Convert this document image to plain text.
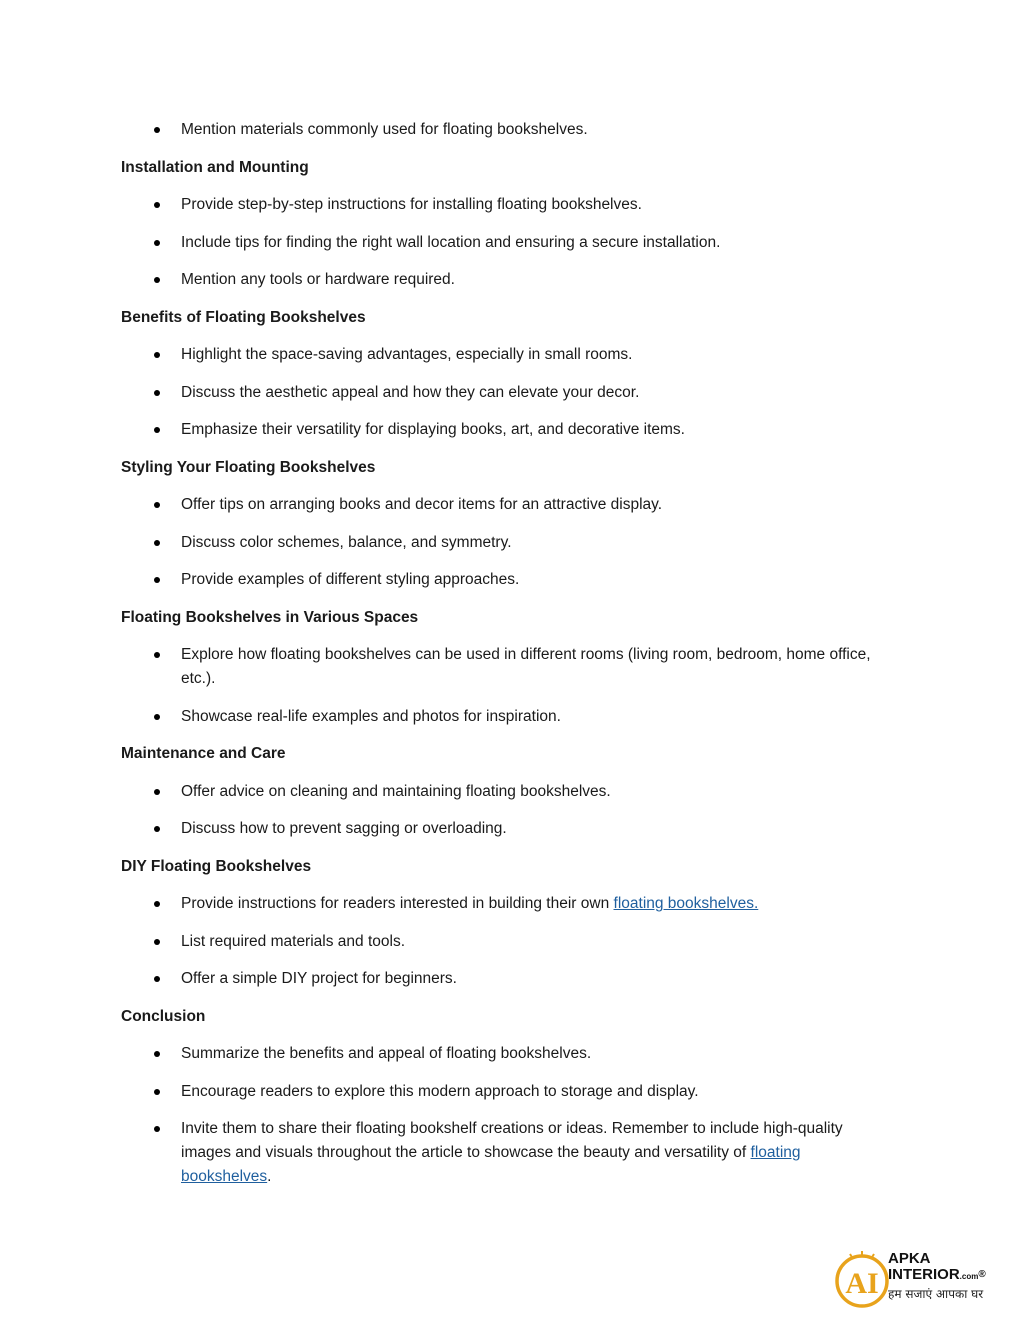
Mention materials commonly used for floating bookshelves.
Installation and Mounting
Provide step-by-step instructions for installing floating bookshelves.
Include tips for finding the right wall location and ensuring a secure installation.
Mention any tools or hardware required.
Benefits of Floating Bookshelves
Highlight the space-saving advantages, especially in small rooms.
Discuss the aesthetic appeal and how they can elevate your decor.
Emphasize their versatility for displaying books, art, and decorative items.
Styling Your Floating Bookshelves
Offer tips on arranging books and decor items for an attractive display.
Discuss color schemes, balance, and symmetry.
Provide examples of different styling approaches.
Floating Bookshelves in Various Spaces
Explore how floating bookshelves can be used in different rooms (living room, bedroom, home office, etc.).
Showcase real-life examples and photos for inspiration.
Maintenance and Care
Offer advice on cleaning and maintaining floating bookshelves.
Discuss how to prevent sagging or overloading.
DIY Floating Bookshelves
Provide instructions for readers interested in building their own floating bookshelves.
List required materials and tools.
Offer a simple DIY project for beginners.
Conclusion
Summarize the benefits and appeal of floating bookshelves.
Encourage readers to explore this modern approach to storage and display.
Invite them to share their floating bookshelf creations or ideas. Remember to include high-quality images and visuals throughout the article to showcase the beauty and versatility of floating bookshelves.
AI
APKA
INTERIOR.com®
हम सजाएं आपका घर
